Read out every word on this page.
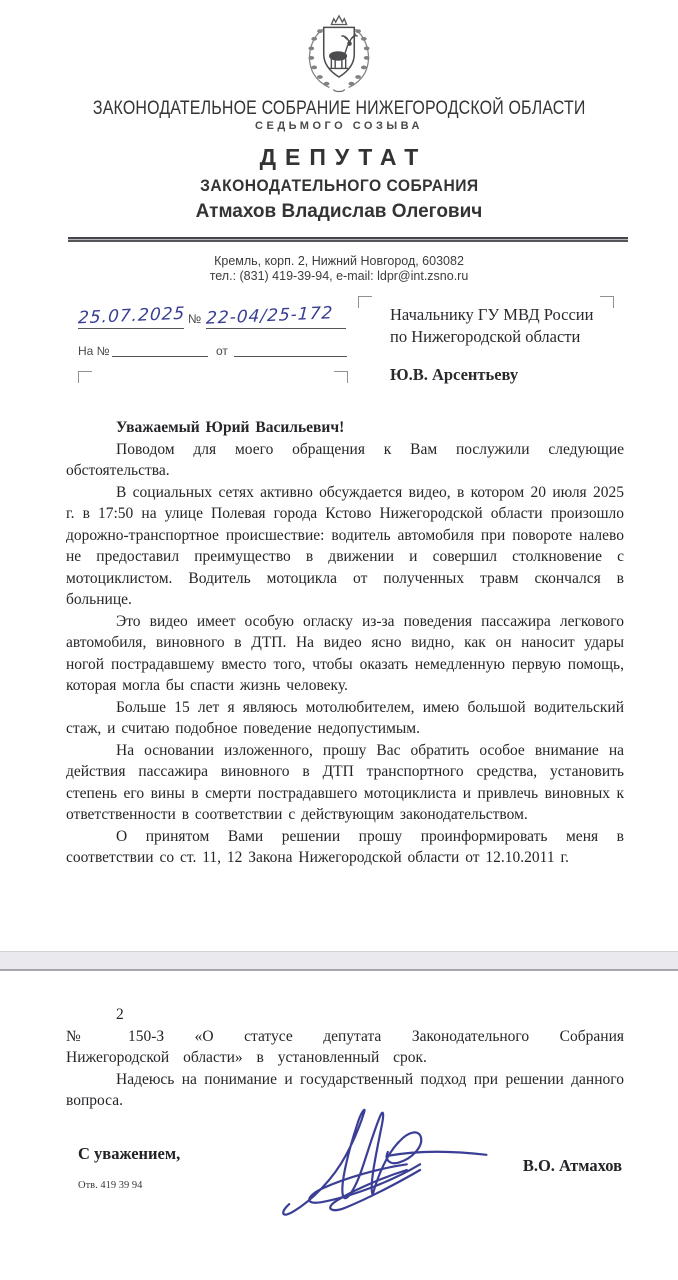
ЗАКОНОДАТЕЛЬНОЕ СОБРАНИЕ НИЖЕГОРОДСКОЙ ОБЛАСТИ
СЕДЬМОГО СОЗЫВА
ДЕПУТАТ
ЗАКОНОДАТЕЛЬНОГО СОБРАНИЯ
Атмахов Владислав Олегович
Кремль, корп. 2, Нижний Новгород, 603082
тел.: (831) 419-39-94, e-mail: ldpr@int.zsno.ru
25.07.2025 № 22-04/25-172
На №	от
Начальнику ГУ МВД России
по Нижегородской области
Ю.В. Арсентьеву

Уважаемый Юрий Васильевич!

Поводом для моего обращения к Вам послужили следующие обстоятельства.

В социальных сетях активно обсуждается видео, в котором 20 июля 2025 г. в 17:50 на улице Полевая города Кстово Нижегородской области произошло дорожно-транспортное происшествие: водитель автомобиля при повороте налево не предоставил преимущество в движении и совершил столкновение с мотоциклистом. Водитель мотоцикла от полученных травм скончался в больнице.

Это видео имеет особую огласку из-за поведения пассажира легкового автомобиля, виновного в ДТП. На видео ясно видно, как он наносит удары ногой пострадавшему вместо того, чтобы оказать немедленную первую помощь, которая могла бы спасти жизнь человеку.

Больше 15 лет я являюсь мотолюбителем, имею большой водительский стаж, и считаю подобное поведение недопустимым.

На основании изложенного, прошу Вас обратить особое внимание на действия пассажира виновного в ДТП транспортного средства, установить степень его вины в смерти пострадавшего мотоциклиста и привлечь виновных к ответственности в соответствии с действующим законодательством.

О принятом Вами решении прошу проинформировать меня в соответствии со ст. 11, 12 Закона Нижегородской области от 12.10.2011 г.

2

№ 150-З «О статусе депутата Законодательного Собрания Нижегородской области» в установленный срок.

Надеюсь на понимание и государственный подход при решении данного вопроса.

С уважением,
В.О. Атмахов
Отв. 419 39 94
